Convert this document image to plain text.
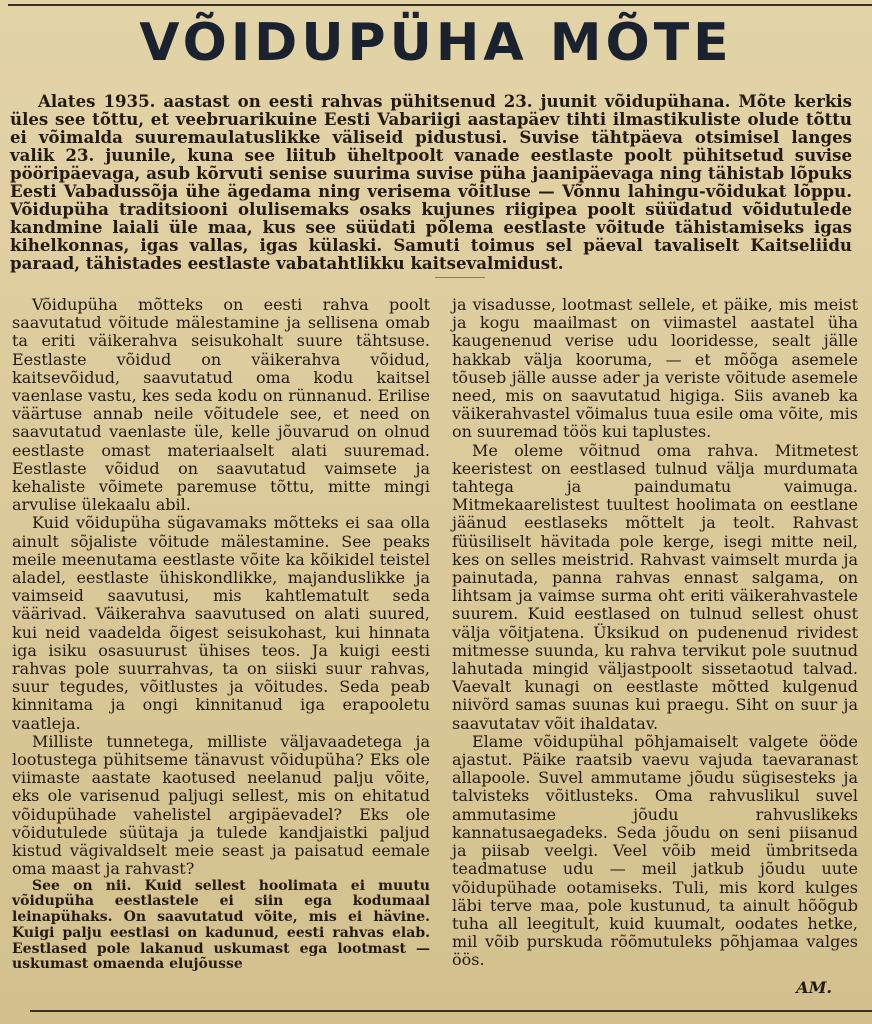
VÕIDUPÜHA MÕTE

Alates 1935. aastast on eesti rahvas pühitsenud 23. juunit võidupühana. Mõte kerkis üles see tõttu, et veebruarikuine Eesti Vabariigi aastapäev tihti ilmastikuliste olude tõttu ei võimalda suuremaulatuslikke väliseid pidustusi. Suvise tähtpäeva otsimisel langes valik 23. juunile, kuna see liitub üheltpoolt vanade eestlaste poolt pühitsetud suvise pööripäevaga, asub kõrvuti senise suurima suvise püha jaanipäevaga ning tähistab lõpuks Eesti Vabadussõja ühe ägedama ning verisema võitluse — Võnnu lahingu-võidukat lõppu. Võidupüha traditsiooni olulisemaks osaks kujunes riigipea poolt süüdatud võidutulede kandmine laiali üle maa, kus see süüdati põlema eestlaste võitude tähistamiseks igas kihelkonnas, igas vallas, igas külaski. Samuti toimus sel päeval tavaliselt Kaitseliidu paraad, tähistades eestlaste vabatahtlikku kaitsevalmidust.

Võidupüha mõtteks on eesti rahva poolt saavutatud võitude mälestamine ja sellisena omab ta eriti väikerahva seisukohalt suure tähtsuse. Eestlaste võidud on väikerahva võidud, kaitsevõidud, saavutatud oma kodu kaitsel vaenlase vastu, kes seda kodu on rünnanud. Erilise väärtuse annab neile võitudele see, et need on saavutatud vaenlaste üle, kelle jõuvarud on olnud eestlaste omast materiaalselt alati suuremad. Eestlaste võidud on saavutatud vaimsete ja kehaliste võimete paremuse tõttu, mitte mingi arvulise ülekaalu abil.

Kuid võidupüha sügavamaks mõtteks ei saa olla ainult sõjaliste võitude mälestamine. See peaks meile meenutama eestlaste võite ka kõikidel teistel aladel, eestlaste ühiskondlikke, majanduslikke ja vaimseid saavutusi, mis kahtlematult seda väärivad. Väikerahva saavutused on alati suured, kui neid vaadelda õigest seisukohast, kui hinnata iga isiku osasuurust ühises teos. Ja kuigi eesti rahvas pole suurrahvas, ta on siiski suur rahvas, suur tegudes, võitlustes ja võitudes. Seda peab kinnitama ja ongi kinnitanud iga erapooletu vaatleja.

Milliste tunnetega, milliste väljavaadetega ja lootustega pühitseme tänavust võidupüha? Eks ole viimaste aastate kaotused neelanud palju võite, eks ole varisenud paljugi sellest, mis on ehitatud võidupühade vahelistel argipäevadel? Eks ole võidutulede süütaja ja tulede kandjaistki paljud kistud vägivaldselt meie seast ja paisatud eemale oma maast ja rahvast?

See on nii. Kuid sellest hoolimata ei muutu võidupüha eestlastele ei siin ega kodumaal leinapühaks. On saavutatud võite, mis ei hävine. Kuigi palju eestlasi on kadunud, eesti rahvas elab. Eestlased pole lakanud uskumast ega lootmast — uskumast omaenda elujõusse

ja visadusse, lootmast sellele, et päike, mis meist ja kogu maailmast on viimastel aastatel üha kaugenenud verise udu looridesse, sealt jälle hakkab välja kooruma, — et mõõga asemele tõuseb jälle ausse ader ja veriste võitude asemele need, mis on saavutatud higiga. Siis avaneb ka väikerahvastel võimalus tuua esile oma võite, mis on suuremad töös kui taplustes.

Me oleme võitnud oma rahva. Mitmetest keeristest on eestlased tulnud välja murdumata tahtega ja paindumatu vaimuga. Mitmekaarelistest tuultest hoolimata on eestlane jäänud eestlaseks mõttelt ja teolt. Rahvast füüsiliselt hävitada pole kerge, isegi mitte neil, kes on selles meistrid. Rahvast vaimselt murda ja painutada, panna rahvas ennast salgama, on lihtsam ja vaimse surma oht eriti väikerahvastele suurem. Kuid eestlased on tulnud sellest ohust välja võitjatena. Üksikud on pudenenud rividest mitmesse suunda, ku rahva tervikut pole suutnud lahutada mingid väljastpoolt sissetaotud talvad. Vaevalt kunagi on eestlaste mõtted kulgenud niivõrd samas suunas kui praegu. Siht on suur ja saavutatav võit ihaldatav.

Elame võidupühal põhjamaiselt valgete ööde ajastut. Päike raatsib vaevu vajuda taevaranast allapoole. Suvel ammutame jõudu sügisesteks ja talvisteks võitlusteks. Oma rahvuslikul suvel ammutasime jõudu rahvuslikeks kannatusaegadeks. Seda jõudu on seni piisanud ja piisab veelgi. Veel võib meid ümbritseda teadmatuse udu — meil jatkub jõudu uute võidupühade ootamiseks. Tuli, mis kord kulges läbi terve maa, pole kustunud, ta ainult hõõgub tuha all leegitult, kuid kuumalt, oodates hetke, mil võib purskuda rõõmutuleks põhjamaa valges öös.

AM.
